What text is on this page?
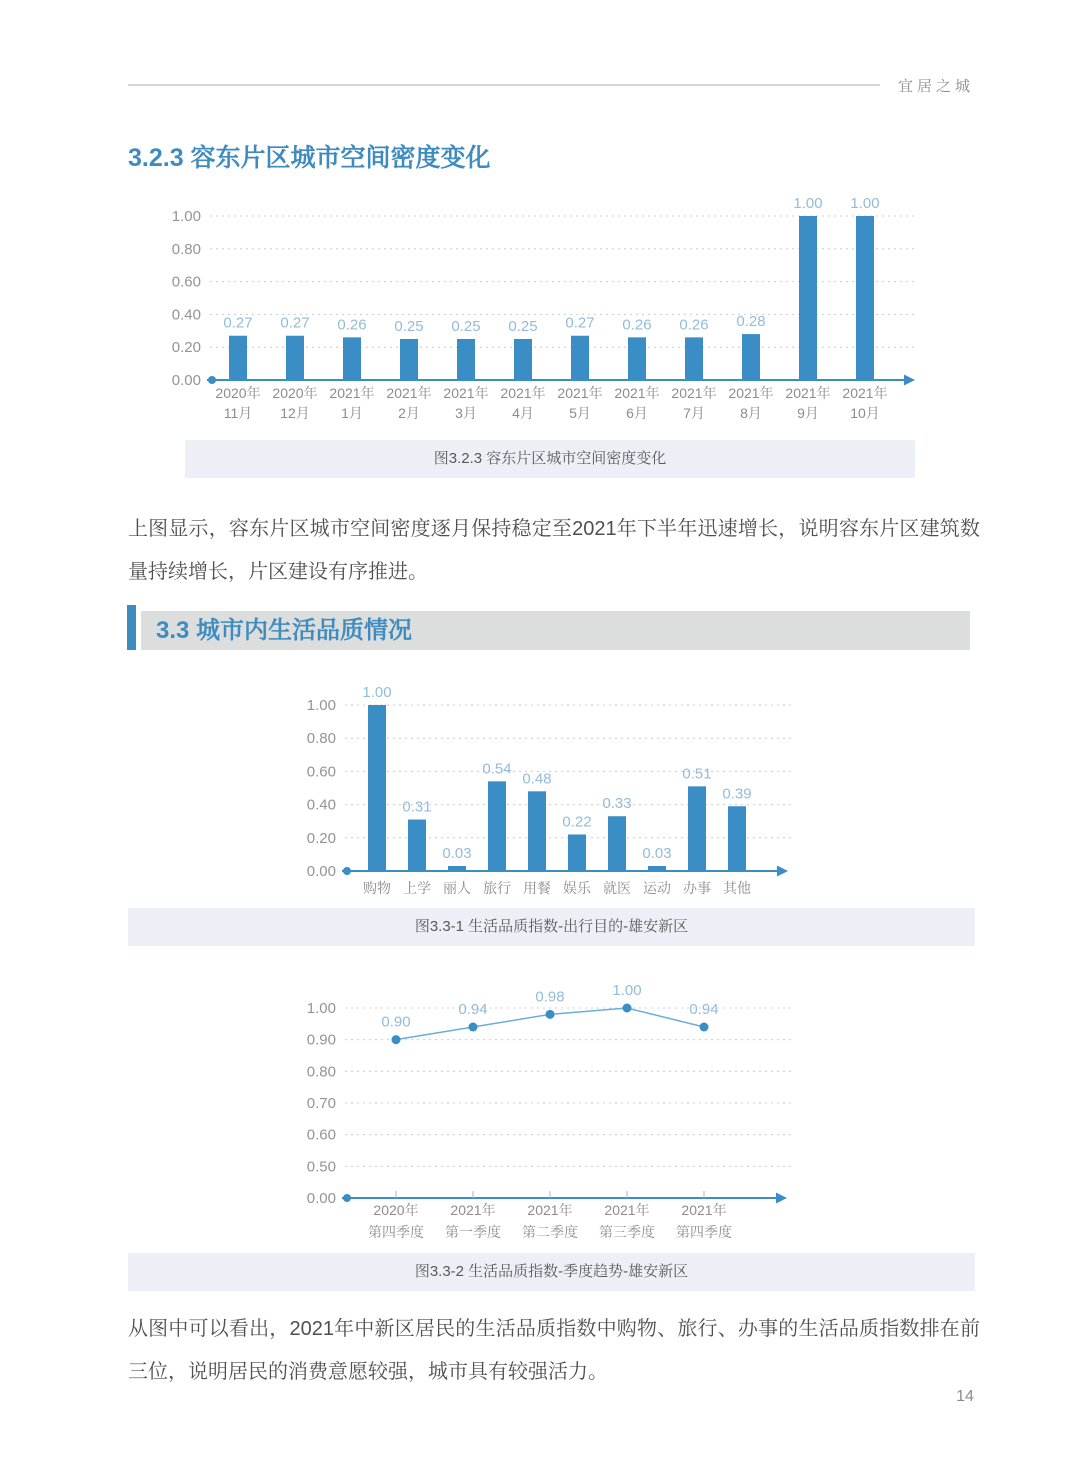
宜居之城
3.2.3 容东片区城市空间密度变化
0.00
0.20
0.40
0.60
0.80
1.00
2020年
11月
2020年
12月
2021年
1月
2021年
2月
2021年
3月
2021年
4月
2021年
5月
2021年
6月
2021年
7月
2021年
8月
2021年
9月
2021年
10月
0.27 0.27 0.26 0.25 0.25 0.25 0.27 0.26 0.26 0.28
1.00 1.00
图3.2.3 容东片区城市空间密度变化

上图显示，容东片区城市空间密度逐月保持稳定至2021年下半年迅速增长，说明容东片区建筑数量持续增长，片区建设有序推进。

3.3 城市内生活品质情况
0.00
0.20
0.40
0.60
0.80
1.00
购物 上学 丽人 旅行 用餐 娱乐 就医 运动 办事 其他
1.00
0.31
0.03
0.54
0.48
0.22
0.33
0.03
0.51
0.39
图3.3-1 生活品质指数-出行目的-雄安新区
0.00
0.50
0.60
0.70
0.80
0.90
1.00
2020年
第四季度
2021年
第一季度
2021年
第二季度
2021年
第三季度
2021年
第四季度
0.90
0.94
0.98	1.00
0.94
图3.3-2 生活品质指数-季度趋势-雄安新区

从图中可以看出，2021年中新区居民的生活品质指数中购物、旅行、办事的生活品质指数排在前三位，说明居民的消费意愿较强，城市具有较强活力。

14
